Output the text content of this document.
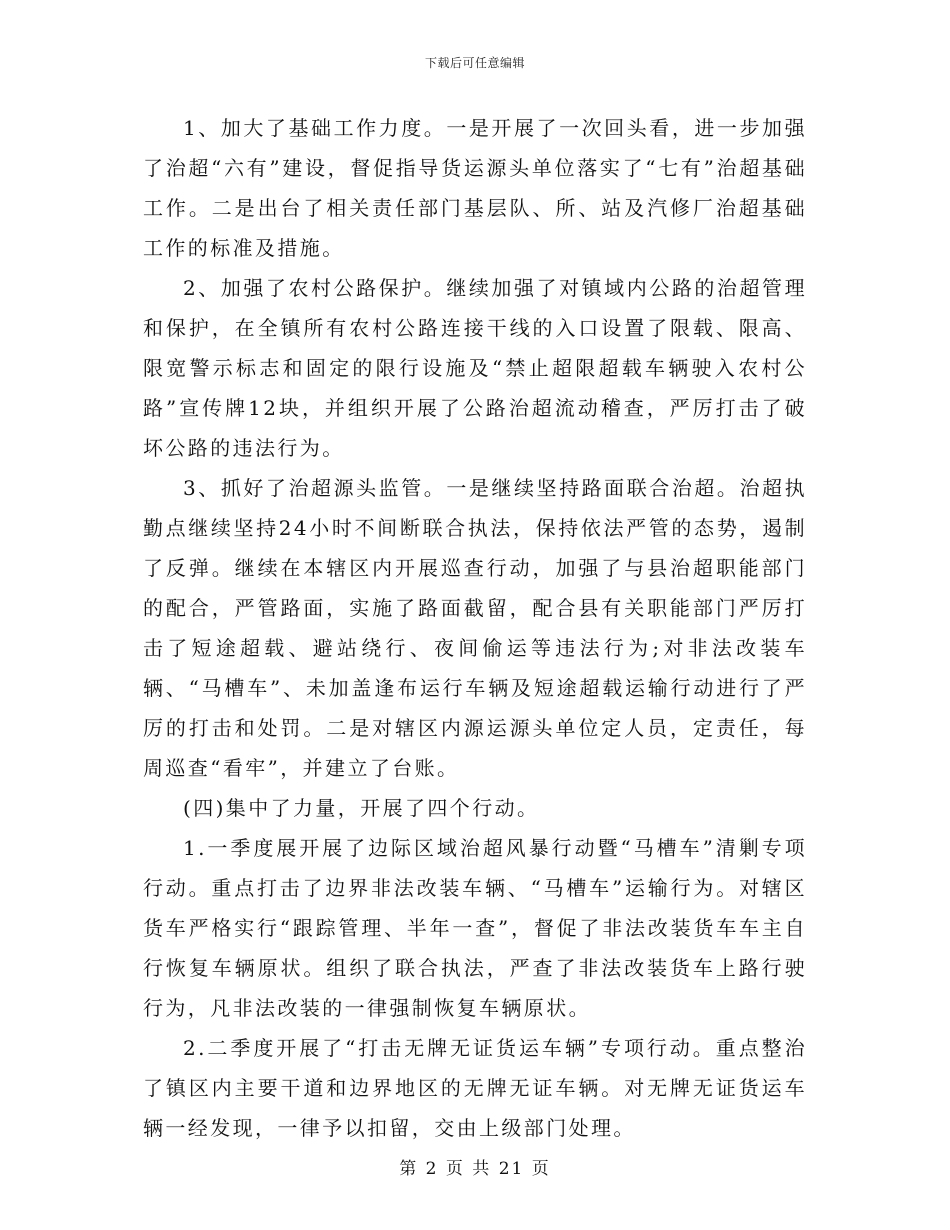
下载后可任意编辑

1、加大了基础工作力度。一是开展了一次回头看，进一步加强了治超“六有”建设，督促指导货运源头单位落实了“七有”治超基础工作。二是出台了相关责任部门基层队、所、站及汽修厂治超基础工作的标准及措施。

2、加强了农村公路保护。继续加强了对镇域内公路的治超管理和保护，在全镇所有农村公路连接干线的入口设置了限载、限高、限宽警示标志和固定的限行设施及“禁止超限超载车辆驶入农村公路”宣传牌12块，并组织开展了公路治超流动稽查，严厉打击了破坏公路的违法行为。

3、抓好了治超源头监管。一是继续坚持路面联合治超。治超执勤点继续坚持24小时不间断联合执法，保持依法严管的态势，遏制了反弹。继续在本辖区内开展巡查行动，加强了与县治超职能部门的配合，严管路面，实施了路面截留，配合县有关职能部门严厉打击了短途超载、避站绕行、夜间偷运等违法行为;对非法改装车辆、“马槽车”、未加盖逢布运行车辆及短途超载运输行动进行了严厉的打击和处罚。二是对辖区内源运源头单位定人员，定责任，每周巡查“看牢”，并建立了台账。

(四)集中了力量，开展了四个行动。

1.一季度展开展了边际区域治超风暴行动暨“马槽车”清剿专项行动。重点打击了边界非法改装车辆、“马槽车”运输行为。对辖区货车严格实行“跟踪管理、半年一查”，督促了非法改装货车车主自行恢复车辆原状。组织了联合执法，严查了非法改装货车上路行驶行为，凡非法改装的一律强制恢复车辆原状。

2.二季度开展了“打击无牌无证货运车辆”专项行动。重点整治了镇区内主要干道和边界地区的无牌无证车辆。对无牌无证货运车辆一经发现，一律予以扣留，交由上级部门处理。

第 2 页 共 21 页
